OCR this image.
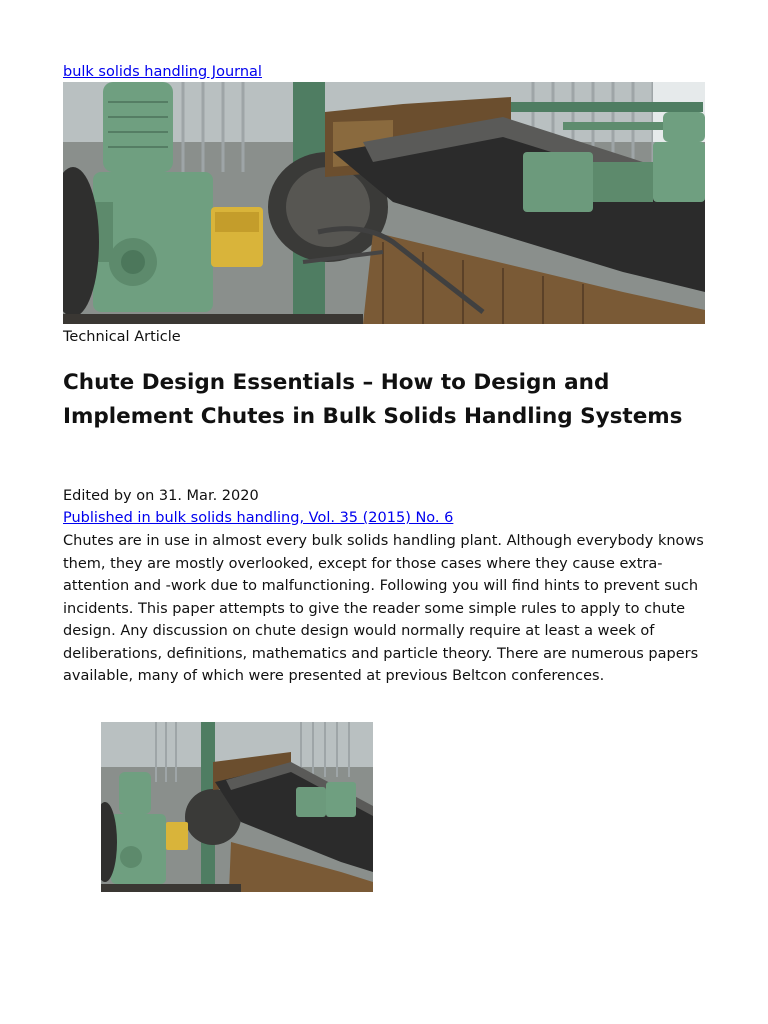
bulk solids handling Journal
Technical Article
Chute Design Essentials – How to Design and Implement Chutes in Bulk Solids Handling Systems
Edited by on 31. Mar. 2020
Published in bulk solids handling, Vol. 35 (2015) No. 6

Chutes are in use in almost every bulk solids handling plant. Although everybody knows them, they are mostly overlooked, except for those cases where they cause extra-attention and -work due to malfunctioning. Following you will find hints to prevent such incidents. This paper attempts to give the reader some simple rules to apply to chute design. Any discussion on chute design would normally require at least a week of deliberations, definitions, mathematics and particle theory. There are numerous papers available, many of which were presented at previous Beltcon conferences.
